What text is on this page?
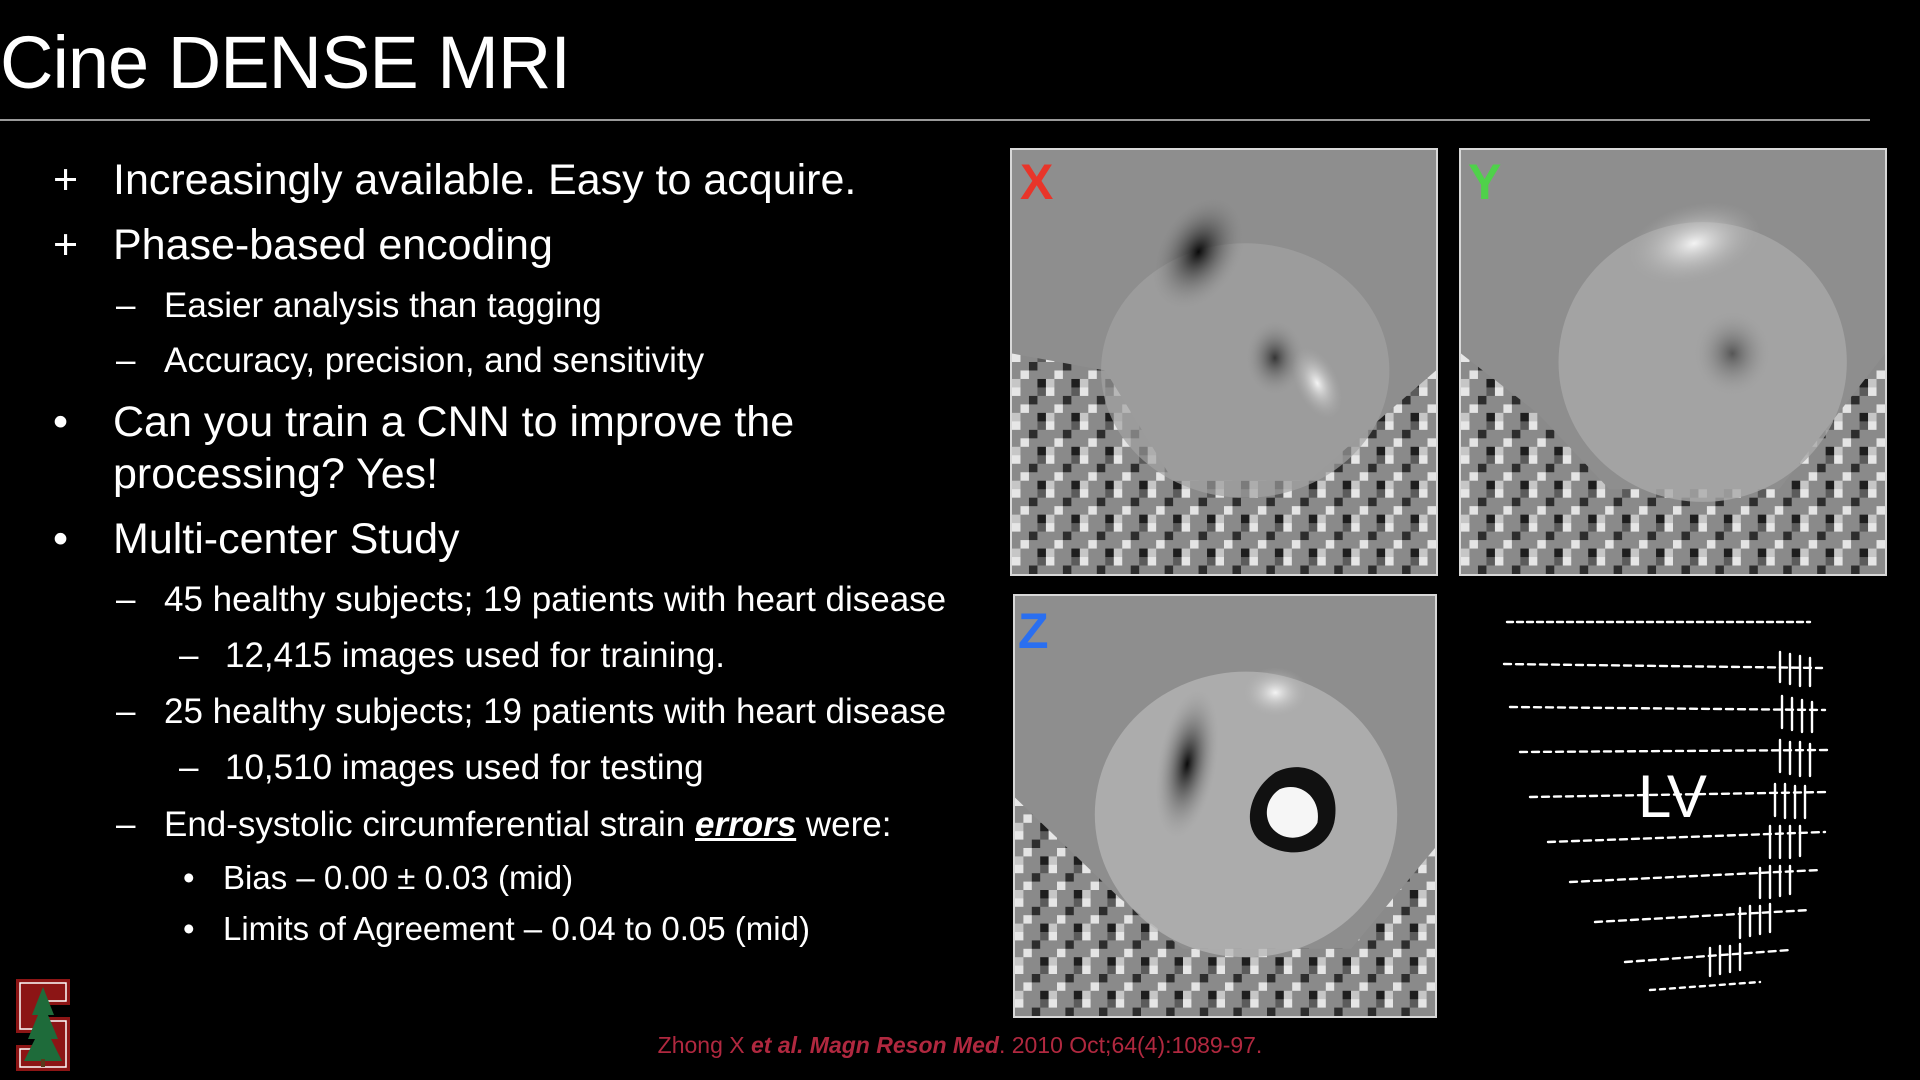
Cine DENSE MRI
+ Increasingly available. Easy to acquire.
+ Phase-based encoding
– Easier analysis than tagging
– Accuracy, precision, and sensitivity
• Can you train a CNN to improve the
processing? Yes!
• Multi-center Study
– 45 healthy subjects; 19 patients with heart disease
– 12,415 images used for training.
– 25 healthy subjects; 19 patients with heart disease
– 10,510 images used for testing
– End-systolic circumferential strain errors were:
• Bias – 0.00 ± 0.03 (mid)
• Limits of Agreement – 0.04 to 0.05 (mid)
X	Y
Z
LV
Zhong X et al. Magn Reson Med. 2010 Oct;64(4):1089-97.
